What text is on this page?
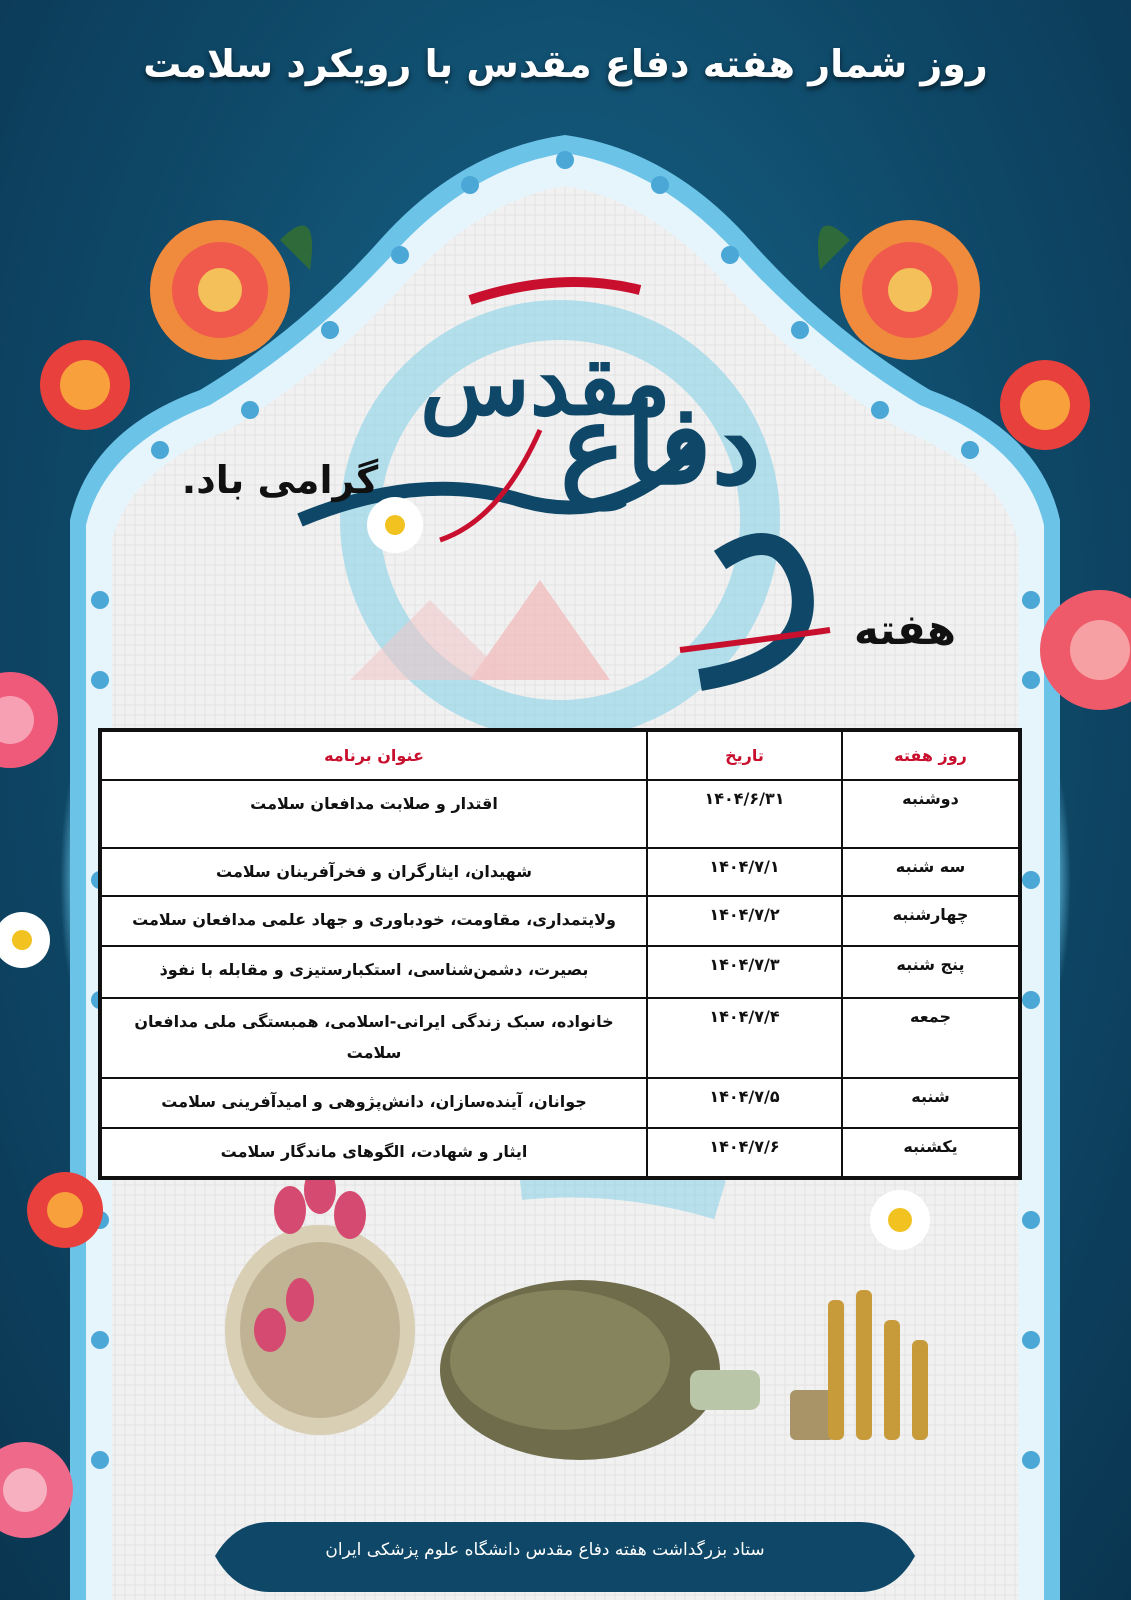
روز شمار هفته دفاع مقدس با رویکرد سلامت
دفاع
مقدس
گرامی باد.
هفته
روز هفته	تاریخ	عنوان برنامه
دوشنبه	۱۴۰۴/۶/۳۱	اقتدار و صلابت مدافعان سلامت
سه شنبه	۱۴۰۴/۷/۱	شهیدان، ایثارگران و فخرآفرینان سلامت
چهارشنبه	۱۴۰۴/۷/۲	ولایتمداری، مقاومت، خودباوری و جهاد علمی مدافعان سلامت
پنج شنبه	۱۴۰۴/۷/۳	بصیرت، دشمن‌شناسی، استکبارستیزی و مقابله با نفوذ
جمعه	۱۴۰۴/۷/۴	خانواده، سبک زندگی ایرانی-اسلامی، همبستگی ملی مدافعان سلامت
شنبه	۱۴۰۴/۷/۵	جوانان، آینده‌سازان، دانش‌پژوهی و امیدآفرینی سلامت
یکشنبه	۱۴۰۴/۷/۶	ایثار و شهادت، الگوهای ماندگار سلامت
ستاد بزرگداشت هفته دفاع مقدس دانشگاه علوم پزشکی ایران
